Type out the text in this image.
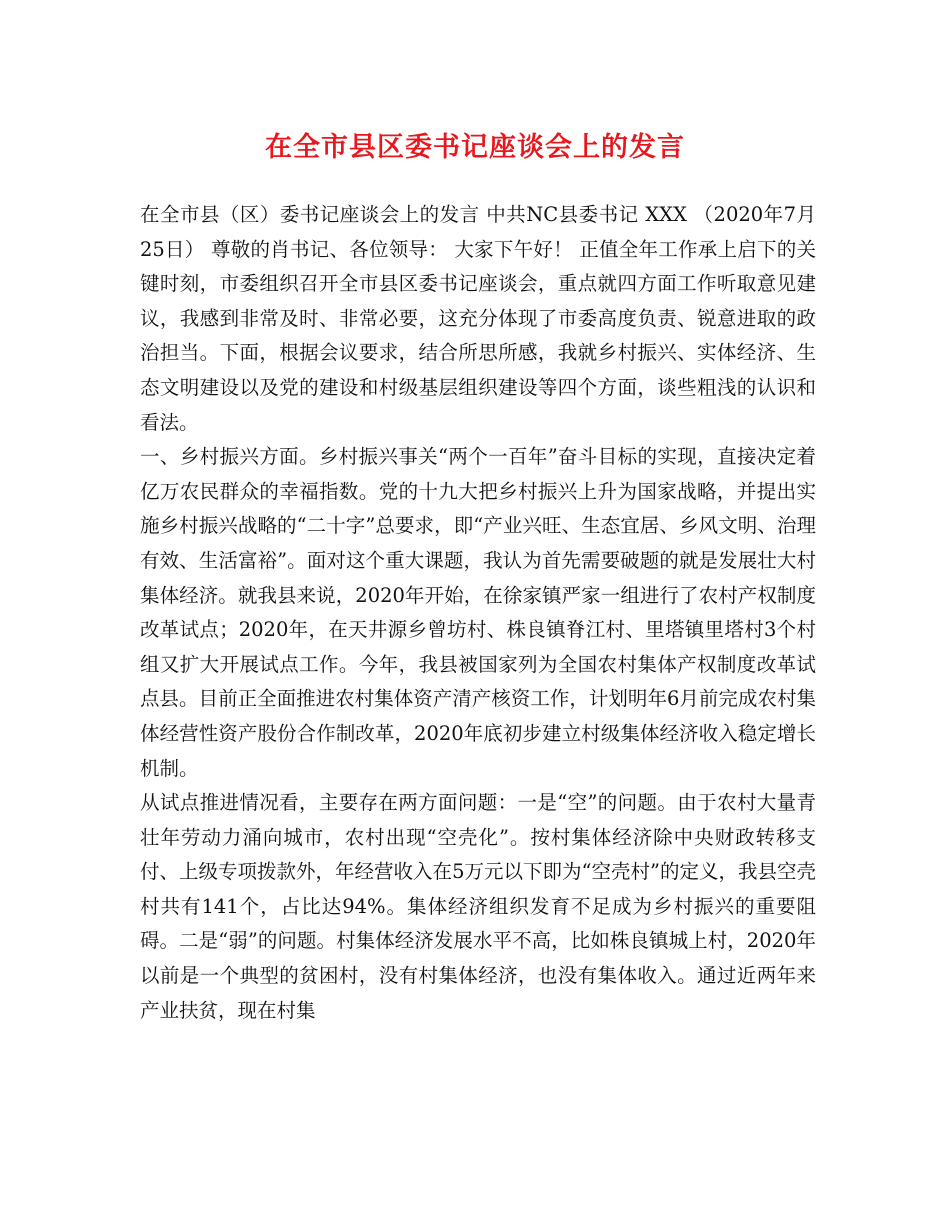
在全市县区委书记座谈会上的发言

在全市县（区）委书记座谈会上的发言 中共NC县委书记 XXX （2020年7月25日） 尊敬的肖书记、各位领导： 大家下午好！ 正值全年工作承上启下的关键时刻，市委组织召开全市县区委书记座谈会，重点就四方面工作听取意见建议，我感到非常及时、非常必要，这充分体现了市委高度负责、锐意进取的政治担当。下面，根据会议要求，结合所思所感，我就乡村振兴、实体经济、生态文明建设以及党的建设和村级基层组织建设等四个方面，谈些粗浅的认识和看法。

一、乡村振兴方面。乡村振兴事关“两个一百年”奋斗目标的实现，直接决定着亿万农民群众的幸福指数。党的十九大把乡村振兴上升为国家战略，并提出实施乡村振兴战略的“二十字”总要求，即“产业兴旺、生态宜居、乡风文明、治理有效、生活富裕”。面对这个重大课题，我认为首先需要破题的就是发展壮大村集体经济。就我县来说，2020年开始，在徐家镇严家一组进行了农村产权制度改革试点；2020年，在天井源乡曾坊村、株良镇脊江村、里塔镇里塔村3个村组又扩大开展试点工作。今年，我县被国家列为全国农村集体产权制度改革试点县。目前正全面推进农村集体资产清产核资工作，计划明年6月前完成农村集体经营性资产股份合作制改革，2020年底初步建立村级集体经济收入稳定增长机制。

从试点推进情况看，主要存在两方面问题：一是“空”的问题。由于农村大量青壮年劳动力涌向城市，农村出现“空壳化”。按村集体经济除中央财政转移支付、上级专项拨款外，年经营收入在5万元以下即为“空壳村”的定义，我县空壳村共有141个，占比达94%。集体经济组织发育不足成为乡村振兴的重要阻碍。二是“弱”的问题。村集体经济发展水平不高，比如株良镇城上村，2020年以前是一个典型的贫困村，没有村集体经济，也没有集体收入。通过近两年来产业扶贫，现在村集
